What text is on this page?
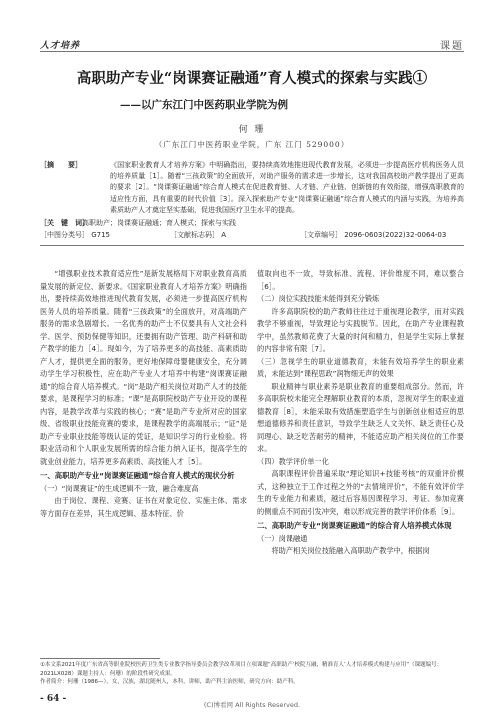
人才培养	课题
高职助产专业“岗课赛证融通”育人模式的探索与实践①
——以广东江门中医药职业学院为例
何 珊
（广东江门中医药职业学院，广东 江门 529000）
［摘　　要］	《国家职业教育人才培养方案》中明确指出，要持续高效地推进现代教育发展，必须进一步提高医疗机构医务人员的培养质量［1］。随着“三孩政策”的全面放开，对助产服务的需求进一步增长，这对我国高校助产教学提出了更高的要求［2］。“岗课赛证融通”综合育人模式在促进教育链、人才链、产业链、创新链的有效衔接，增强高职教育的适应性方面，具有重要的时代价值［3］。深入探索助产专业“岗课赛证融通”综合育人模式的内涵与实践，为培养高素质助产人才奠定坚实基础，促进我国医疗卫生水平的提高。
［关　键　词］
高职助产；岗课赛证融通；育人模式；探索与实践
［中图分类号］ G715	［文献标志码］ A	［文章编号］ 2096-0603(2022)32-0064-03

“增强职业技术教育适应性”是新发展格局下对职业教育高质量发展的新定位、新要求。《国家职业教育人才培养方案》明确指出，要持续高效地推进现代教育发展，必须进一步提高医疗机构医务人员的培养质量。随着“三孩政策”的全面放开，对高端助产服务的需求急剧增长。一名优秀的助产士不仅要具有人文社会科学、医学、预防保健等知识，还要拥有助产管理、助产科研和助产教学的能力［4］。现如今，为了培养更多的高技能、高素质助产人才，提供更全面的服务，更好地保障母婴健康安全，充分调动学生学习积极性，应在助产专业人才培养中构建“岗课赛证融通”的综合育人培养模式。“岗”是助产相关岗位对助产人才的技能要求，是课程学习的标准；“课”是高职院校助产专业开设的课程内容，是教学改革与实践的核心；“赛”是助产专业所对应的国家级、省级职业技能竞赛的要求，是课程教学的高端展示；“证”是助产专业职业技能等级认证的凭证，是知识学习的行业检验。将职业活动和个人职业发展所需的综合能力纳入证书，提高学生的就业创业能力，培养更多高素质、高技能人才［5］。

一、高职助产专业“岗课赛证融通”综合育人模式的现状分析

（一）“岗课赛证”的生成逻辑不一致，融合难度高

由于岗位、课程、竞赛、证书在对象定位、实施主体、需求等方面存在差异，其生成逻辑、基本特征、价

值取向也不一致，导致标准、流程、评价维度不同，难以整合［6］。

（二）岗位实践技能未能得到充分锻炼

许多高职院校的助产教师往往过于重视理论教学，而对实践教学不够重视，导致理论与实践脱节。因此，在助产专业课程教学中，虽然教师花费了大量的时间和精力，但是学生实际上掌握的内容非常有限［7］。

（三）忽视学生的职业道德教育，未能有效培养学生的职业素质，未能达到“课程思政”润物细无声的效果

职业精神与职业素养是职业教育的重要组成部分。然而，许多高职院校未能完全理解职业教育的本质，忽视对学生的职业道德教育［8］，未能采取有效措施塑造学生与创新创业相适应的思想道德修养和责任意识，导致学生缺乏人文关怀、缺乏责任心及同理心、缺乏吃苦耐劳的精神，不能适应助产相关岗位的工作要求。

（四）教学评价单一化

高职课程评价普遍采取“理论知识+技能考核”的双重评价模式，这种独立于工作过程之外的“去情境评价”，不能有效评价学生的专业能力和素质，越过后容易因课程学习、考证、参加竞赛的侧重点不同而引发冲突，难以形成完善的教学评价体系［9］。

二、高职助产专业“岗课赛证融通”的综合育人培养模式体现

（一）岗课融通

将助产相关岗位技能融入高职助产教学中，根据岗

①本文系2021年度广东省高等职业院校医药卫生类专业教学指导委员会教学改革项目立项课题“高职助产‘校院互融，精准育人’人才培养模式构建与应用”（课题编号：2021LX028）课题主持人：何珊）的阶段性研究成果。
作者简介：何珊（1986—），女，汉族，湖北随州人，本科，讲师，助产科主治医师，研究方向：助产科。
- 64 -
(C)博看网 All Rights Reserved.
